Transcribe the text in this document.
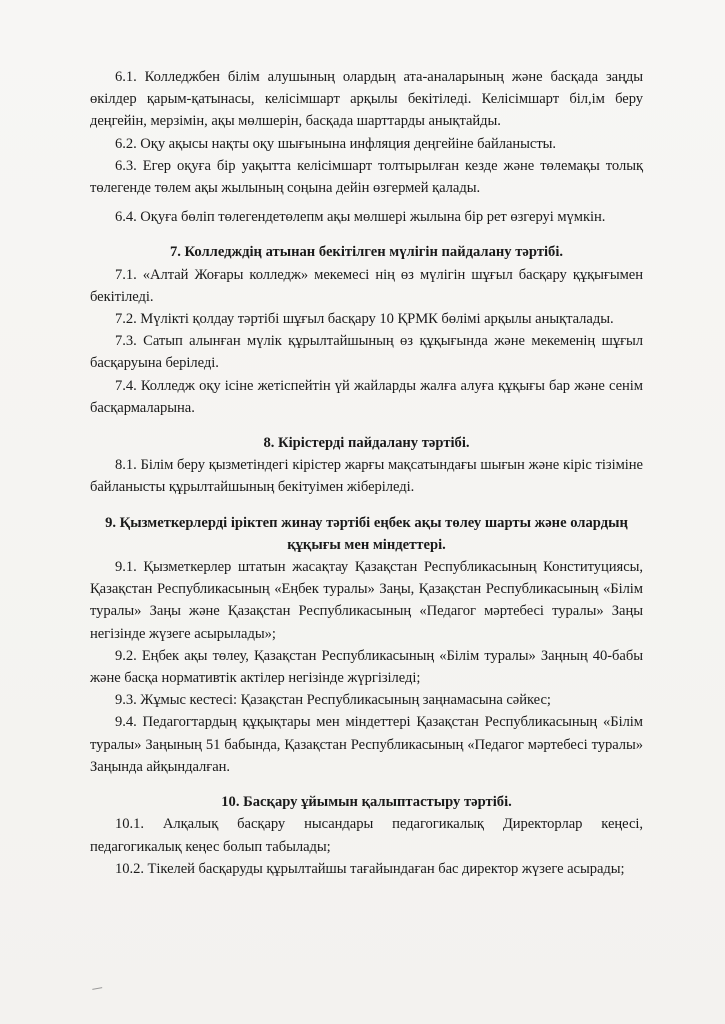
6.1. Колледжбен білім алушының олардың ата-аналарының және басқада заңды өкілдер қарым-қатынасы, келісімшарт арқылы бекітіледі. Келісімшарт біл,ім беру деңгейін, мерзімін, ақы мөлшерін, басқада шарттарды анықтайды.

6.2. Оқу ақысы нақты оқу шығынына инфляция деңгейіне байланысты.

6.3. Егер оқуға бір уақытта келісімшарт толтырылған кезде және төлемақы толық төлегенде төлем ақы жылының соңына дейін өзгермей қалады.

6.4. Оқуға бөліп төлегендетөлепм ақы мөлшері жылына бір рет өзгеруі мүмкін.

7. Колледждің атынан бекітілген мүлігін пайдалану тәртібі.

7.1. «Алтай Жоғары колледж» мекемесі нің өз мүлігін шұғыл басқару құқығымен бекітіледі.

7.2. Мүлікті қолдау тәртібі шұғыл басқару 10 ҚРМК бөлімі арқылы анықталады.

7.3. Сатып алынған мүлік құрылтайшының өз құқығында және мекеменің шұғыл басқаруына беріледі.

7.4. Колледж оқу ісіне жетіспейтін үй жайларды жалға алуға құқығы бар және сенім басқармаларына.

8. Кірістерді пайдалану тәртібі.

8.1. Білім беру қызметіндегі кірістер жарғы мақсатындағы шығын және кіріс тізіміне байланысты құрылтайшының бекітуімен жіберіледі.

9. Қызметкерлерді іріктеп жинау тәртібі еңбек ақы төлеу шарты және олардың құқығы мен міндеттері.

9.1. Қызметкерлер штатын жасақтау Қазақстан Республикасының Конституциясы, Қазақстан Республикасының «Еңбек туралы» Заңы, Қазақстан Республикасының «Білім туралы» Заңы және Қазақстан Республикасының «Педагог мәртебесі туралы» Заңы негізінде жүзеге асырылады»;

9.2. Еңбек ақы төлеу, Қазақстан Республикасының «Білім туралы» Заңның 40-бабы және басқа нормативтік актілер негізінде жүргізіледі;

9.3. Жұмыс кестесі: Қазақстан Республикасының заңнамасына сәйкес;

9.4. Педагогтардың құқықтары мен міндеттері Қазақстан Республикасының «Білім туралы» Заңының 51 бабында, Қазақстан Республикасының «Педагог мәртебесі туралы» Заңында айқындалған.

10. Басқару ұйымын қалыптастыру тәртібі.

10.1. Алқалық басқару нысандары педагогикалық Директорлар кеңесі, педагогикалық кеңес болып табылады;

10.2. Тікелей басқаруды құрылтайшы тағайындаған бас директор жүзеге асырады;
